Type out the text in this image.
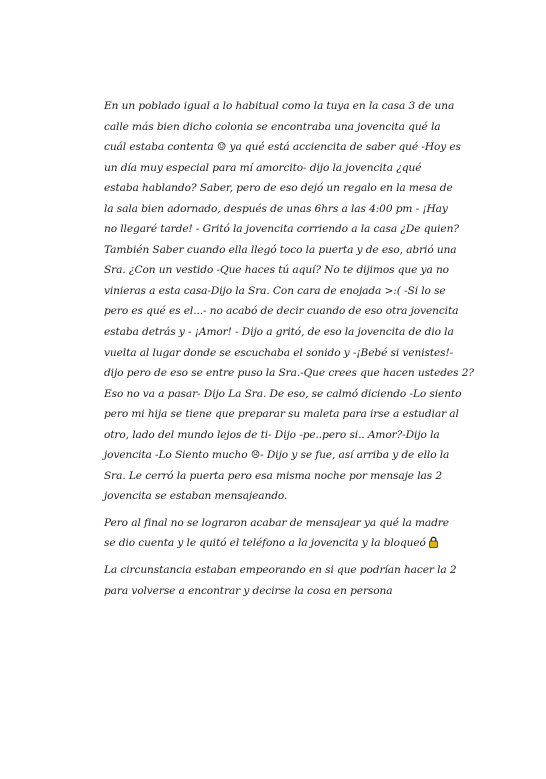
En un poblado igual a lo habitual como la tuya en la casa 3 de una
calle más bien dicho colonia se encontraba una jovencita qué la
cuál estaba contenta ☺ ya qué está acciencita de saber qué -Hoy es
un día muy especial para mí amorcito- dijo la jovencita ¿qué
estaba hablando? Saber, pero de eso dejó un regalo en la mesa de
la sala bien adornado, después de unas 6hrs a las 4:00 pm - ¡Hay
no llegaré tarde! - Gritó la jovencita corriendo a la casa ¿De quien?
También Saber cuando ella llegó toco la puerta y de eso, abrió una
Sra. ¿Con un vestido -Que haces tú aquí? No te dijimos que ya no
vinieras a esta casa-Dijo la Sra. Con cara de enojada >:( -Si lo se
pero es qué es el...- no acabó de decir cuando de eso otra jovencita
estaba detrás y - ¡Amor! - Dijo a gritó, de eso la jovencita de dio la
vuelta al lugar donde se escuchaba el sonido y -¡Bebé si venistes!-
dijo pero de eso se entre puso la Sra.-Que crees que hacen ustedes 2?
Eso no va a pasar- Dijo La Sra. De eso, se calmó diciendo -Lo siento
pero mi hija se tiene que preparar su maleta para irse a estudiar al
otro, lado del mundo lejos de ti- Dijo -pe..pero si.. Amor?-Dijo la
jovencita -Lo Siento mucho ☹- Dijo y se fue, así arriba y de ello la
Sra. Le cerró la puerta pero esa misma noche por mensaje las 2
jovencita se estaban mensajeando.

Pero al final no se lograron acabar de mensajear ya qué la madre
se dio cuenta y le quitó el teléfono a la jovencita y la bloqueó

La circunstancia estaban empeorando en si que podrían hacer la 2
para volverse a encontrar y decirse la cosa en persona
